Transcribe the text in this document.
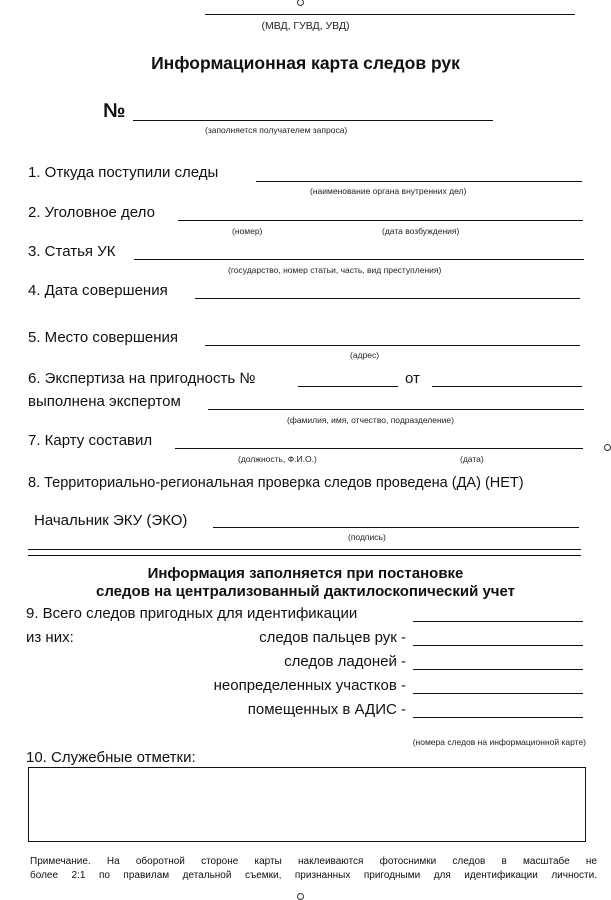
(МВД, ГУВД, УВД)
Информационная карта следов рук
№
(заполняется получателем запроса)
1. Откуда поступили следы
(наименование органа внутренних дел)
2. Уголовное дело
(номер)	(дата возбуждения)
3. Статья УК
(государство, номер статьи, часть, вид преступления)
4. Дата совершения
5. Место совершения
(адрес)
6. Экспертиза на пригодность №	от
выполнена экспертом
(фамилия, имя, отчество, подразделение)
7. Карту составил
(должность, Ф.И.О.)	(дата)
8. Территориально-региональная проверка следов проведена (ДА) (НЕТ)
Начальник ЭКУ (ЭКО)
(подпись)
Информация заполняется при постановке
следов на централизованный дактилоскопический учет
9. Всего следов пригодных для идентификации
из них:	следов пальцев рук -
следов ладоней -
неопределенных участков -
помещенных в АДИС -
(номера следов на информационной карте)
10. Служебные отметки:
Примечание. На оборотной стороне карты наклеиваются фотоснимки следов в масштабе не
более 2:1 по правилам детальной съемки, признанных пригодными для идентификации личности.
